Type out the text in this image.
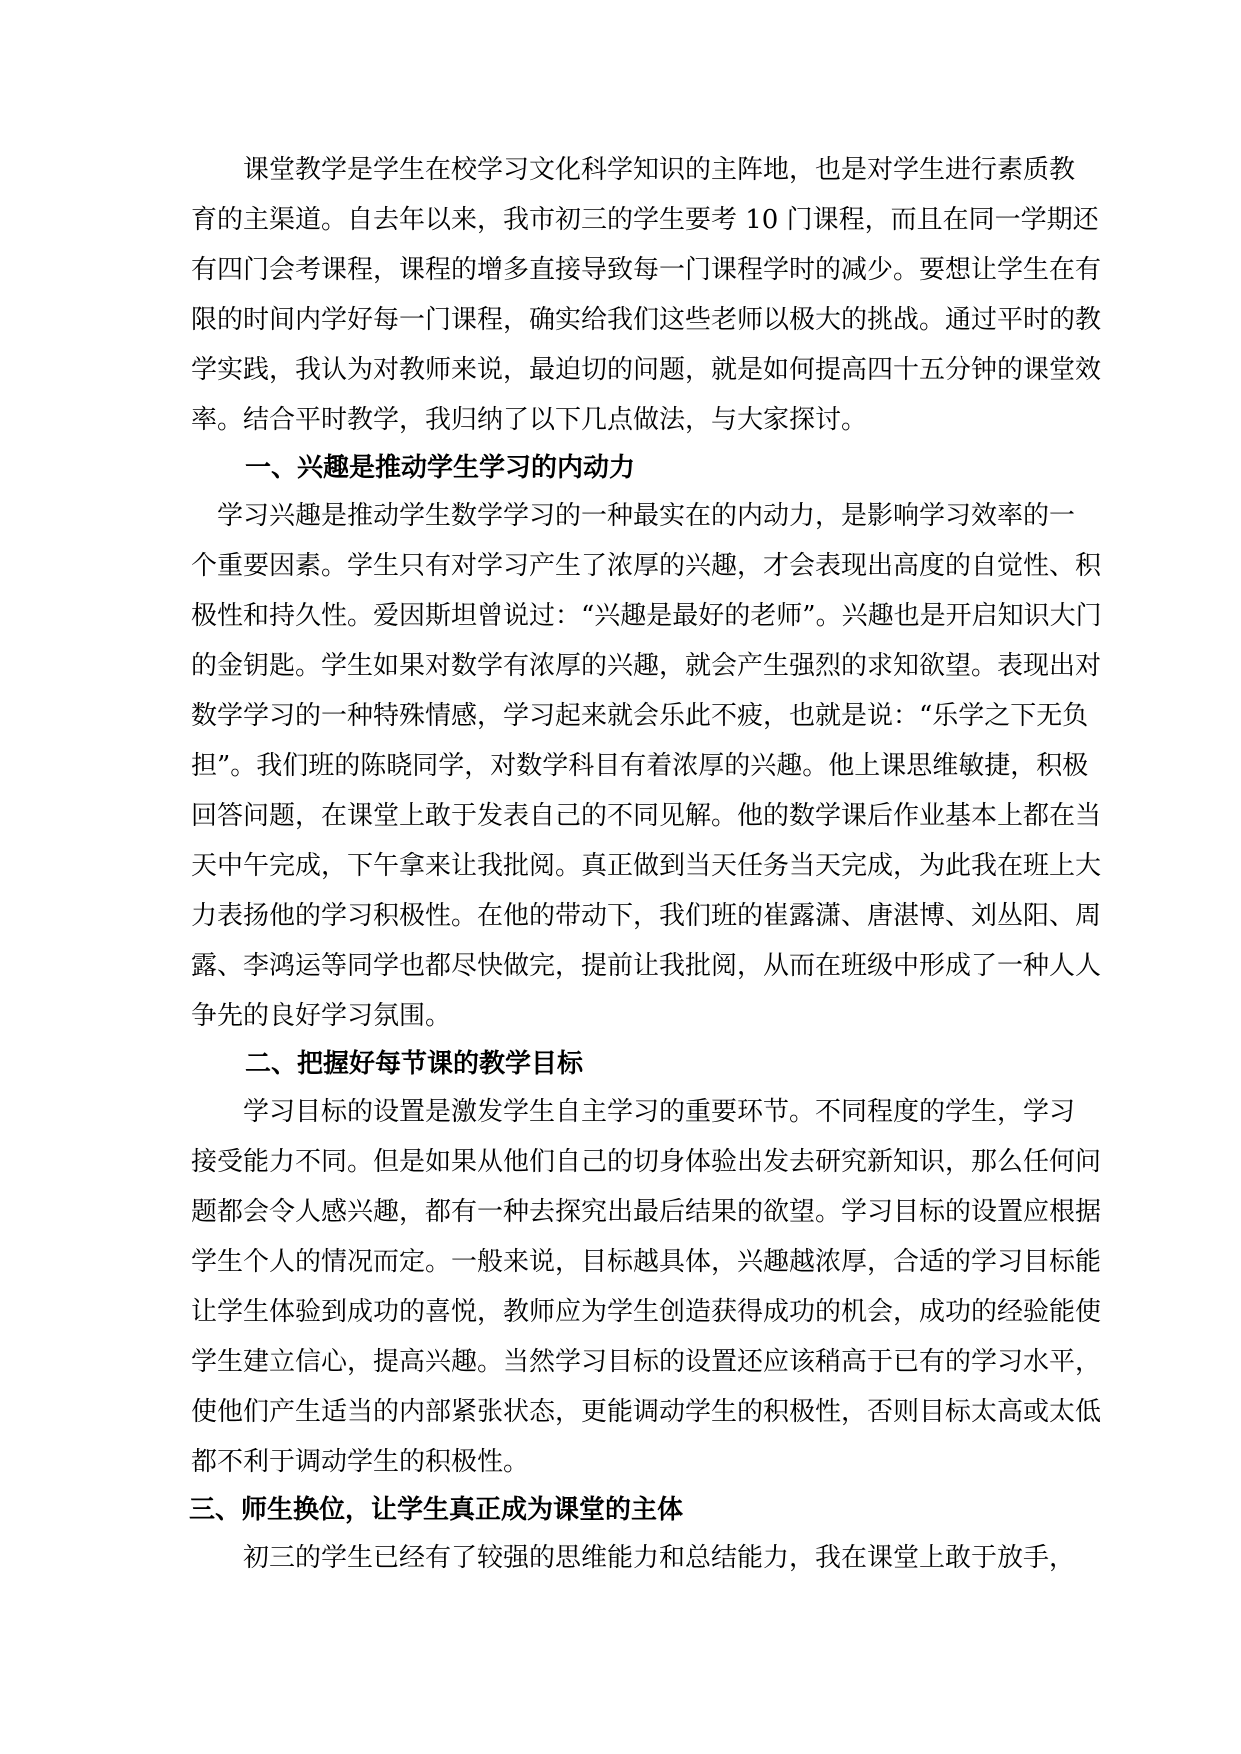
　　课堂教学是学生在校学习文化科学知识的主阵地，也是对学生进行素质教
育的主渠道。自去年以来，我市初三的学生要考 10 门课程，而且在同一学期还
有四门会考课程，课程的增多直接导致每一门课程学时的减少。要想让学生在有
限的时间内学好每一门课程，确实给我们这些老师以极大的挑战。通过平时的教
学实践，我认为对教师来说，最迫切的问题，就是如何提高四十五分钟的课堂效
率。结合平时教学，我归纳了以下几点做法，与大家探讨。
一、兴趣是推动学生学习的内动力
　学习兴趣是推动学生数学学习的一种最实在的内动力，是影响学习效率的一
个重要因素。学生只有对学习产生了浓厚的兴趣，才会表现出高度的自觉性、积
极性和持久性。爱因斯坦曾说过：“兴趣是最好的老师”。兴趣也是开启知识大门
的金钥匙。学生如果对数学有浓厚的兴趣，就会产生强烈的求知欲望。表现出对
数学学习的一种特殊情感，学习起来就会乐此不疲，也就是说：“乐学之下无负
担”。我们班的陈晓同学，对数学科目有着浓厚的兴趣。他上课思维敏捷，积极
回答问题，在课堂上敢于发表自己的不同见解。他的数学课后作业基本上都在当
天中午完成，下午拿来让我批阅。真正做到当天任务当天完成，为此我在班上大
力表扬他的学习积极性。在他的带动下，我们班的崔露潇、唐湛博、刘丛阳、周
露、李鸿运等同学也都尽快做完，提前让我批阅，从而在班级中形成了一种人人
争先的良好学习氛围。
二、把握好每节课的教学目标
　　学习目标的设置是激发学生自主学习的重要环节。不同程度的学生，学习
接受能力不同。但是如果从他们自己的切身体验出发去研究新知识，那么任何问
题都会令人感兴趣，都有一种去探究出最后结果的欲望。学习目标的设置应根据
学生个人的情况而定。一般来说，目标越具体，兴趣越浓厚，合适的学习目标能
让学生体验到成功的喜悦，教师应为学生创造获得成功的机会，成功的经验能使
学生建立信心，提高兴趣。当然学习目标的设置还应该稍高于已有的学习水平，
使他们产生适当的内部紧张状态，更能调动学生的积极性，否则目标太高或太低
都不利于调动学生的积极性。
三、师生换位，让学生真正成为课堂的主体
　　初三的学生已经有了较强的思维能力和总结能力，我在课堂上敢于放手，
